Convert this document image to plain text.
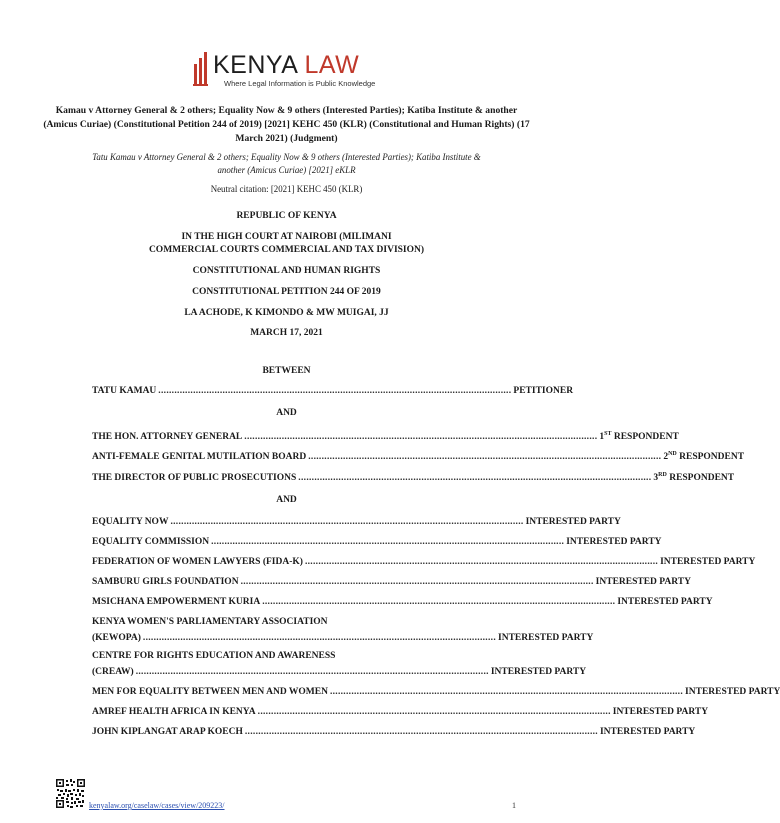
KENYA LAW
Where Legal Information is Public Knowledge
Kamau v Attorney General & 2 others; Equality Now & 9 others (Interested Parties); Katiba Institute & another (Amicus Curiae) (Constitutional Petition 244 of 2019) [2021] KEHC 450 (KLR) (Constitutional and Human Rights) (17 March 2021) (Judgment)
Tatu Kamau v Attorney General & 2 others; Equality Now & 9 others (Interested Parties); Katiba Institute & another (Amicus Curiae) [2021] eKLR
Neutral citation: [2021] KEHC 450 (KLR)
REPUBLIC OF KENYA
IN THE HIGH COURT AT NAIROBI (MILIMANI
COMMERCIAL COURTS COMMERCIAL AND TAX DIVISION)
CONSTITUTIONAL AND HUMAN RIGHTS
CONSTITUTIONAL PETITION 244 OF 2019
LA ACHODE, K KIMONDO & MW MUIGAI, JJ
MARCH 17, 2021
BETWEEN
TATU KAMAU .................................................................................................................................... PETITIONER
AND
THE HON. ATTORNEY GENERAL .................................................................................................................................... 1ST RESPONDENT
ANTI-FEMALE GENITAL MUTILATION BOARD .................................................................................................................................... 2ND RESPONDENT
THE DIRECTOR OF PUBLIC PROSECUTIONS .................................................................................................................................... 3RD RESPONDENT
AND
EQUALITY NOW .................................................................................................................................... INTERESTED PARTY
EQUALITY COMMISSION .................................................................................................................................... INTERESTED PARTY
FEDERATION OF WOMEN LAWYERS (FIDA-K) .................................................................................................................................... INTERESTED PARTY
SAMBURU GIRLS FOUNDATION .................................................................................................................................... INTERESTED PARTY
MSICHANA EMPOWERMENT KURIA .................................................................................................................................... INTERESTED PARTY
KENYA WOMEN'S PARLIAMENTARY ASSOCIATION
(KEWOPA) .................................................................................................................................... INTERESTED PARTY
CENTRE FOR RIGHTS EDUCATION AND AWARENESS
(CREAW) .................................................................................................................................... INTERESTED PARTY
MEN FOR EQUALITY BETWEEN MEN AND WOMEN .................................................................................................................................... INTERESTED PARTY
AMREF HEALTH AFRICA IN KENYA .................................................................................................................................... INTERESTED PARTY
JOHN KIPLANGAT ARAP KOECH .................................................................................................................................... INTERESTED PARTY
kenyalaw.org/caselaw/cases/view/209223/	1
